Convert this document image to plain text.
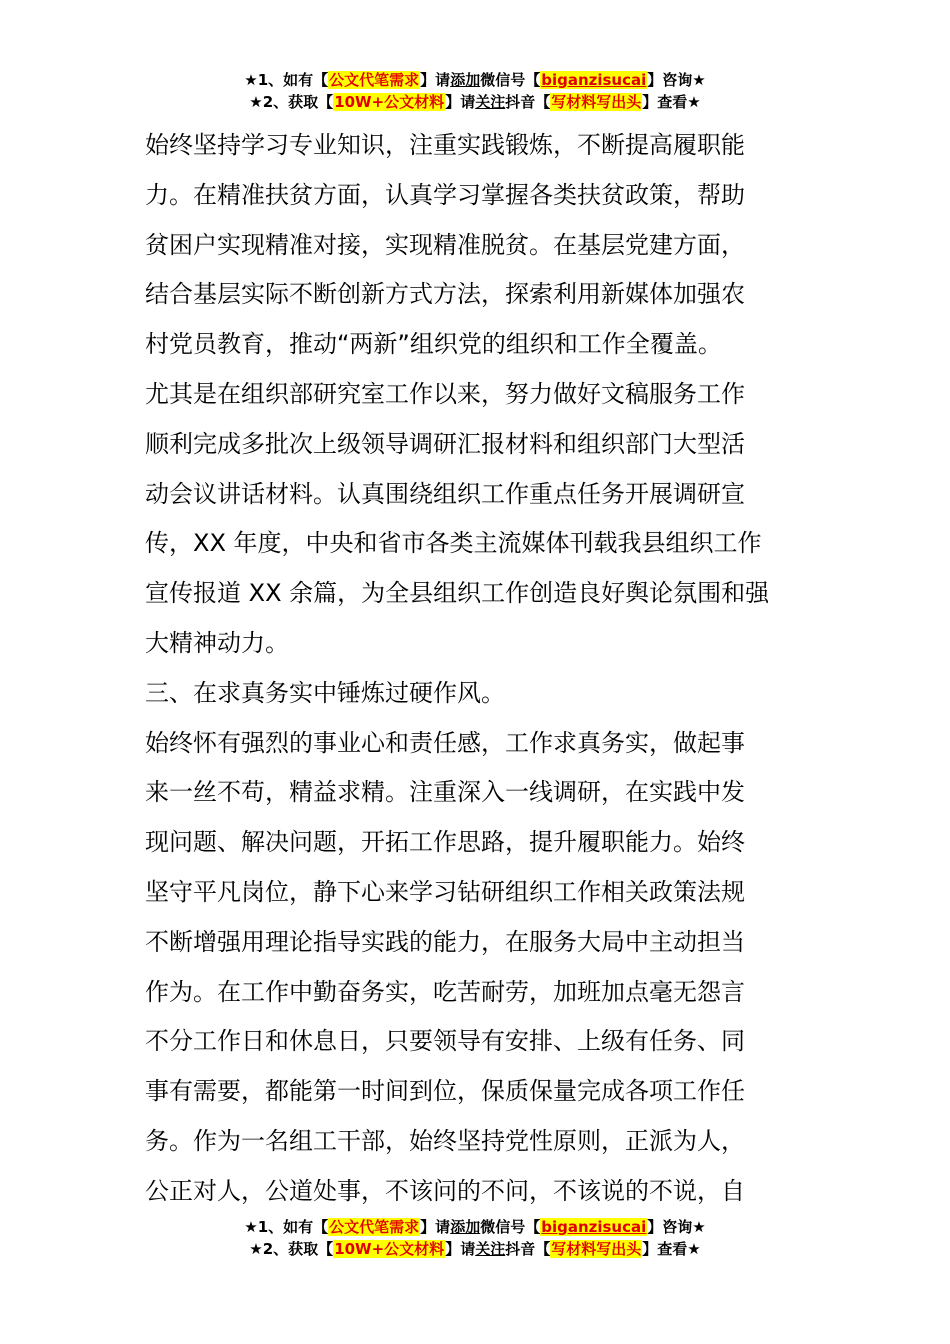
★1、如有【公文代笔需求】请添加微信号【biganzisucai】咨询★
★2、获取【10W+公文材料】请关注抖音【写材料写出头】查看★
始终坚持学习专业知识，注重实践锻炼，不断提高履职能
力。在精准扶贫方面，认真学习掌握各类扶贫政策，帮助
贫困户实现精准对接，实现精准脱贫。在基层党建方面，
结合基层实际不断创新方式方法，探索利用新媒体加强农
村党员教育，推动“两新”组织党的组织和工作全覆盖。
尤其是在组织部研究室工作以来，努力做好文稿服务工作
顺利完成多批次上级领导调研汇报材料和组织部门大型活
动会议讲话材料。认真围绕组织工作重点任务开展调研宣
传，XX 年度，中央和省市各类主流媒体刊载我县组织工作
宣传报道 XX 余篇，为全县组织工作创造良好舆论氛围和强
大精神动力。
三、在求真务实中锤炼过硬作风。
始终怀有强烈的事业心和责任感，工作求真务实，做起事
来一丝不苟，精益求精。注重深入一线调研，在实践中发
现问题、解决问题，开拓工作思路，提升履职能力。始终
坚守平凡岗位，静下心来学习钻研组织工作相关政策法规
不断增强用理论指导实践的能力，在服务大局中主动担当
作为。在工作中勤奋务实，吃苦耐劳，加班加点毫无怨言
不分工作日和休息日，只要领导有安排、上级有任务、同
事有需要，都能第一时间到位，保质保量完成各项工作任
务。作为一名组工干部，始终坚持党性原则，正派为人，
公正对人，公道处事，不该问的不问，不该说的不说，自
★1、如有【公文代笔需求】请添加微信号【biganzisucai】咨询★
★2、获取【10W+公文材料】请关注抖音【写材料写出头】查看★
